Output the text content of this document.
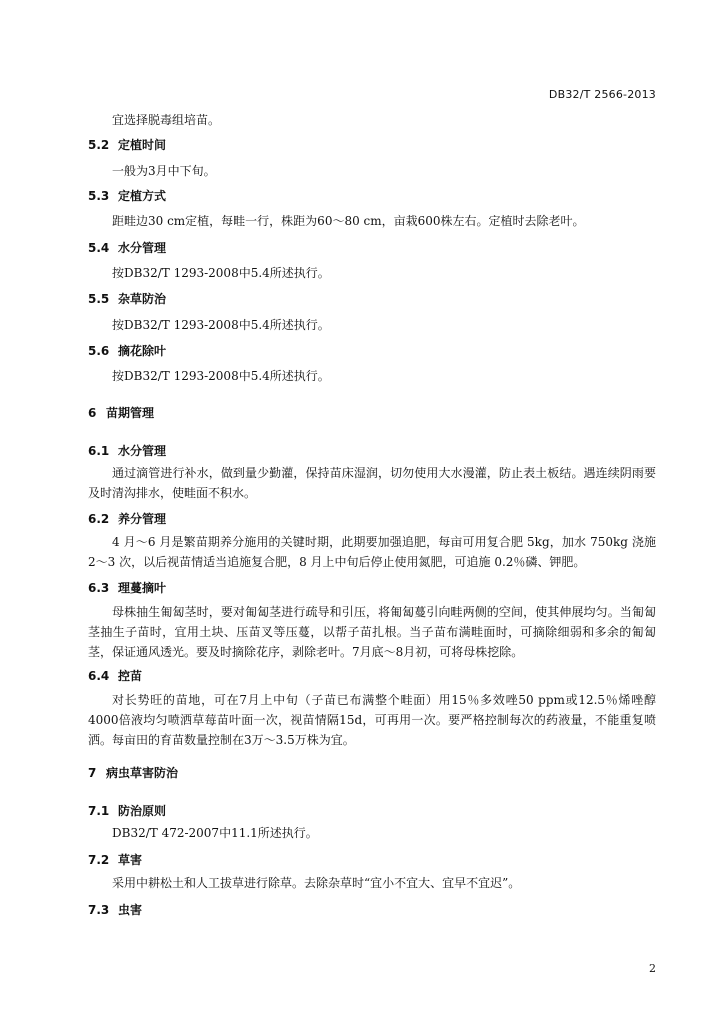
DB32/T 2566-2013
宜选择脱毒组培苗。
5.2 定植时间
一般为3月中下旬。
5.3 定植方式
距畦边30 cm定植，每畦一行，株距为60～80 cm，亩栽600株左右。定植时去除老叶。
5.4 水分管理
按DB32/T 1293-2008中5.4所述执行。
5.5 杂草防治
按DB32/T 1293-2008中5.4所述执行。
5.6 摘花除叶
按DB32/T 1293-2008中5.4所述执行。
6 苗期管理
6.1 水分管理
通过滴管进行补水，做到量少勤灌，保持苗床湿润，切勿使用大水漫灌，防止表土板结。遇连续阴雨要及时清沟排水，使畦面不积水。
6.2 养分管理
4 月～6 月是繁苗期养分施用的关键时期，此期要加强追肥，每亩可用复合肥 5kg，加水 750kg 浇施 2～3 次，以后视苗情适当追施复合肥，8 月上中旬后停止使用氮肥，可追施 0.2％磷、钾肥。
6.3 理蔓摘叶
母株抽生匍匐茎时，要对匍匐茎进行疏导和引压，将匍匐蔓引向畦两侧的空间，使其伸展均匀。当匍匐茎抽生子苗时，宜用土块、压苗叉等压蔓，以帮子苗扎根。当子苗布满畦面时，可摘除细弱和多余的匍匐茎，保证通风透光。要及时摘除花序，剥除老叶。7月底～8月初，可将母株挖除。
6.4 控苗
对长势旺的苗地，可在7月上中旬（子苗已布满整个畦面）用15％多效唑50 ppm或12.5％烯唑醇4000倍液均匀喷洒草莓苗叶面一次，视苗情隔15d，可再用一次。要严格控制每次的药液量，不能重复喷洒。每亩田的育苗数量控制在3万～3.5万株为宜。
7 病虫草害防治
7.1 防治原则
DB32/T 472-2007中11.1所述执行。
7.2 草害
采用中耕松土和人工拔草进行除草。去除杂草时“宜小不宜大、宜早不宜迟”。
7.3 虫害
2
